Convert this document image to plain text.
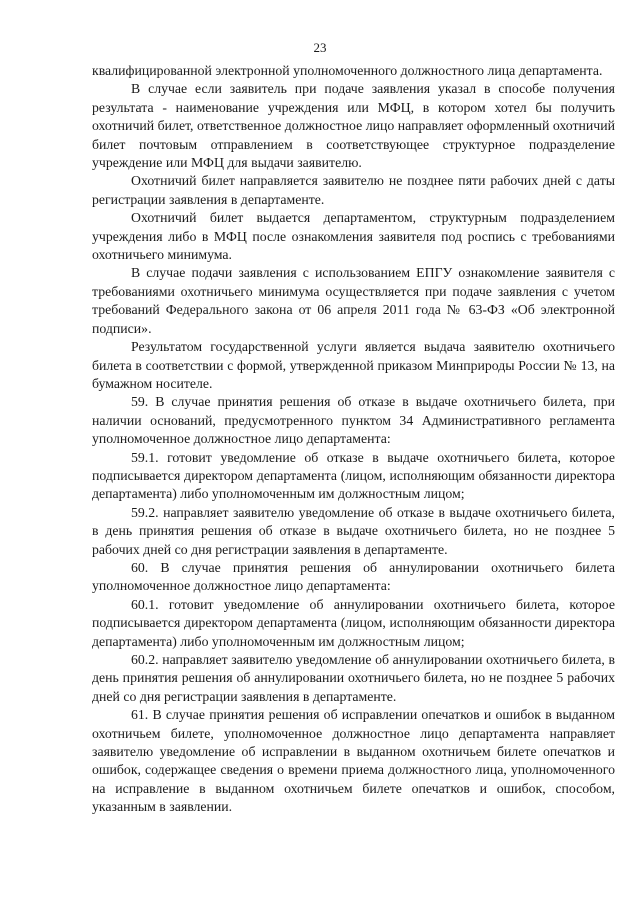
23

квалифицированной электронной уполномоченного должностного лица департамента.

В случае если заявитель при подаче заявления указал в способе получения результата - наименование учреждения или МФЦ, в котором хотел бы получить охотничий билет, ответственное должностное лицо направляет оформленный охотничий билет почтовым отправлением в соответствующее структурное подразделение учреждение или МФЦ для выдачи заявителю.

Охотничий билет направляется заявителю не позднее пяти рабочих дней с даты регистрации заявления в департаменте.

Охотничий билет выдается департаментом, структурным подразделением учреждения либо в МФЦ после ознакомления заявителя под роспись с требованиями охотничьего минимума.

В случае подачи заявления с использованием ЕПГУ ознакомление заявителя с требованиями охотничьего минимума осуществляется при подаче заявления с учетом требований Федерального закона от 06 апреля 2011 года № 63-ФЗ «Об электронной подписи».

Результатом государственной услуги является выдача заявителю охотничьего билета в соответствии с формой, утвержденной приказом Минприроды России № 13, на бумажном носителе.

59. В случае принятия решения об отказе в выдаче охотничьего билета, при наличии оснований, предусмотренного пунктом 34 Административного регламента уполномоченное должностное лицо департамента:

59.1. готовит уведомление об отказе в выдаче охотничьего билета, которое подписывается директором департамента (лицом, исполняющим обязанности директора департамента) либо уполномоченным им должностным лицом;

59.2. направляет заявителю уведомление об отказе в выдаче охотничьего билета, в день принятия решения об отказе в выдаче охотничьего билета, но не позднее 5 рабочих дней со дня регистрации заявления в департаменте.

60. В случае принятия решения об аннулировании охотничьего билета уполномоченное должностное лицо департамента:

60.1. готовит уведомление об аннулировании охотничьего билета, которое подписывается директором департамента (лицом, исполняющим обязанности директора департамента) либо уполномоченным им должностным лицом;

60.2. направляет заявителю уведомление об аннулировании охотничьего билета, в день принятия решения об аннулировании охотничьего билета, но не позднее 5 рабочих дней со дня регистрации заявления в департаменте.

61. В случае принятия решения об исправлении опечатков и ошибок в выданном охотничьем билете, уполномоченное должностное лицо департамента направляет заявителю уведомление об исправлении в выданном охотничьем билете опечатков и ошибок, содержащее сведения о времени приема должностного лица, уполномоченного на исправление в выданном охотничьем билете опечатков и ошибок, способом, указанным в заявлении.
